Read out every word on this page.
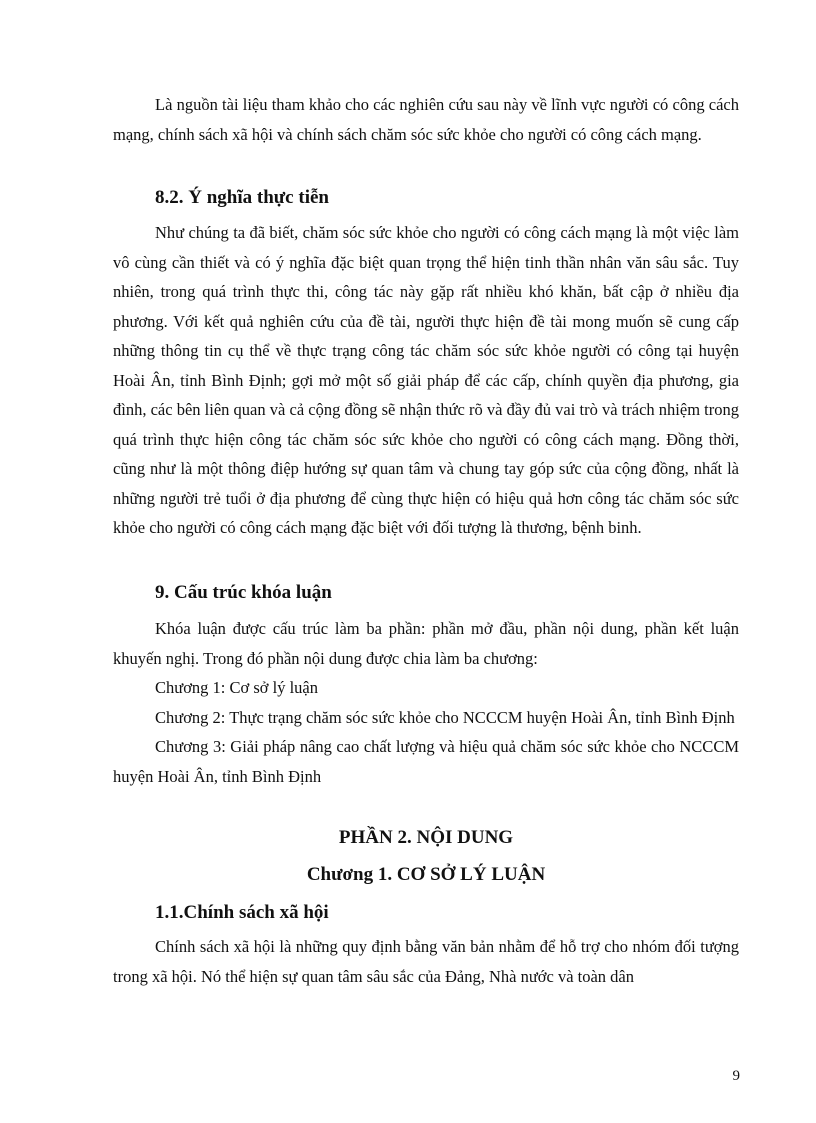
Là nguồn tài liệu tham khảo cho các nghiên cứu sau này về lĩnh vực người có công cách mạng, chính sách xã hội và chính sách chăm sóc sức khỏe cho người có công cách mạng.

8.2. Ý nghĩa thực tiễn

Như chúng ta đã biết, chăm sóc sức khỏe cho người có công cách mạng là một việc làm vô cùng cần thiết và có ý nghĩa đặc biệt quan trọng thể hiện tinh thần nhân văn sâu sắc. Tuy nhiên, trong quá trình thực thi, công tác này gặp rất nhiều khó khăn, bất cập ở nhiều địa phương. Với kết quả nghiên cứu của đề tài, người thực hiện đề tài mong muốn sẽ cung cấp những thông tin cụ thể về thực trạng công tác chăm sóc sức khỏe người có công tại huyện Hoài Ân, tỉnh Bình Định; gợi mở một số giải pháp để các cấp, chính quyền địa phương, gia đình, các bên liên quan và cả cộng đồng sẽ nhận thức rõ và đầy đủ vai trò và trách nhiệm trong quá trình thực hiện công tác chăm sóc sức khỏe cho người có công cách mạng. Đồng thời, cũng như là một thông điệp hướng sự quan tâm và chung tay góp sức của cộng đồng, nhất là những người trẻ tuổi ở địa phương để cùng thực hiện có hiệu quả hơn công tác chăm sóc sức khỏe cho người có công cách mạng đặc biệt với đối tượng là thương, bệnh binh.

9. Cấu trúc khóa luận

Khóa luận được cấu trúc làm ba phần: phần mở đầu, phần nội dung, phần kết luận khuyến nghị. Trong đó phần nội dung được chia làm ba chương:

Chương 1: Cơ sở lý luận

Chương 2: Thực trạng chăm sóc sức khỏe cho NCCCM huyện Hoài Ân, tỉnh Bình Định

Chương 3: Giải pháp nâng cao chất lượng và hiệu quả chăm sóc sức khỏe cho NCCCM huyện Hoài Ân, tỉnh Bình Định

PHẦN 2. NỘI DUNG
Chương 1. CƠ SỞ LÝ LUẬN
1.1.Chính sách xã hội

Chính sách xã hội là những quy định bằng văn bản nhằm để hỗ trợ cho nhóm đối tượng trong xã hội. Nó thể hiện sự quan tâm sâu sắc của Đảng, Nhà nước và toàn dân

9
